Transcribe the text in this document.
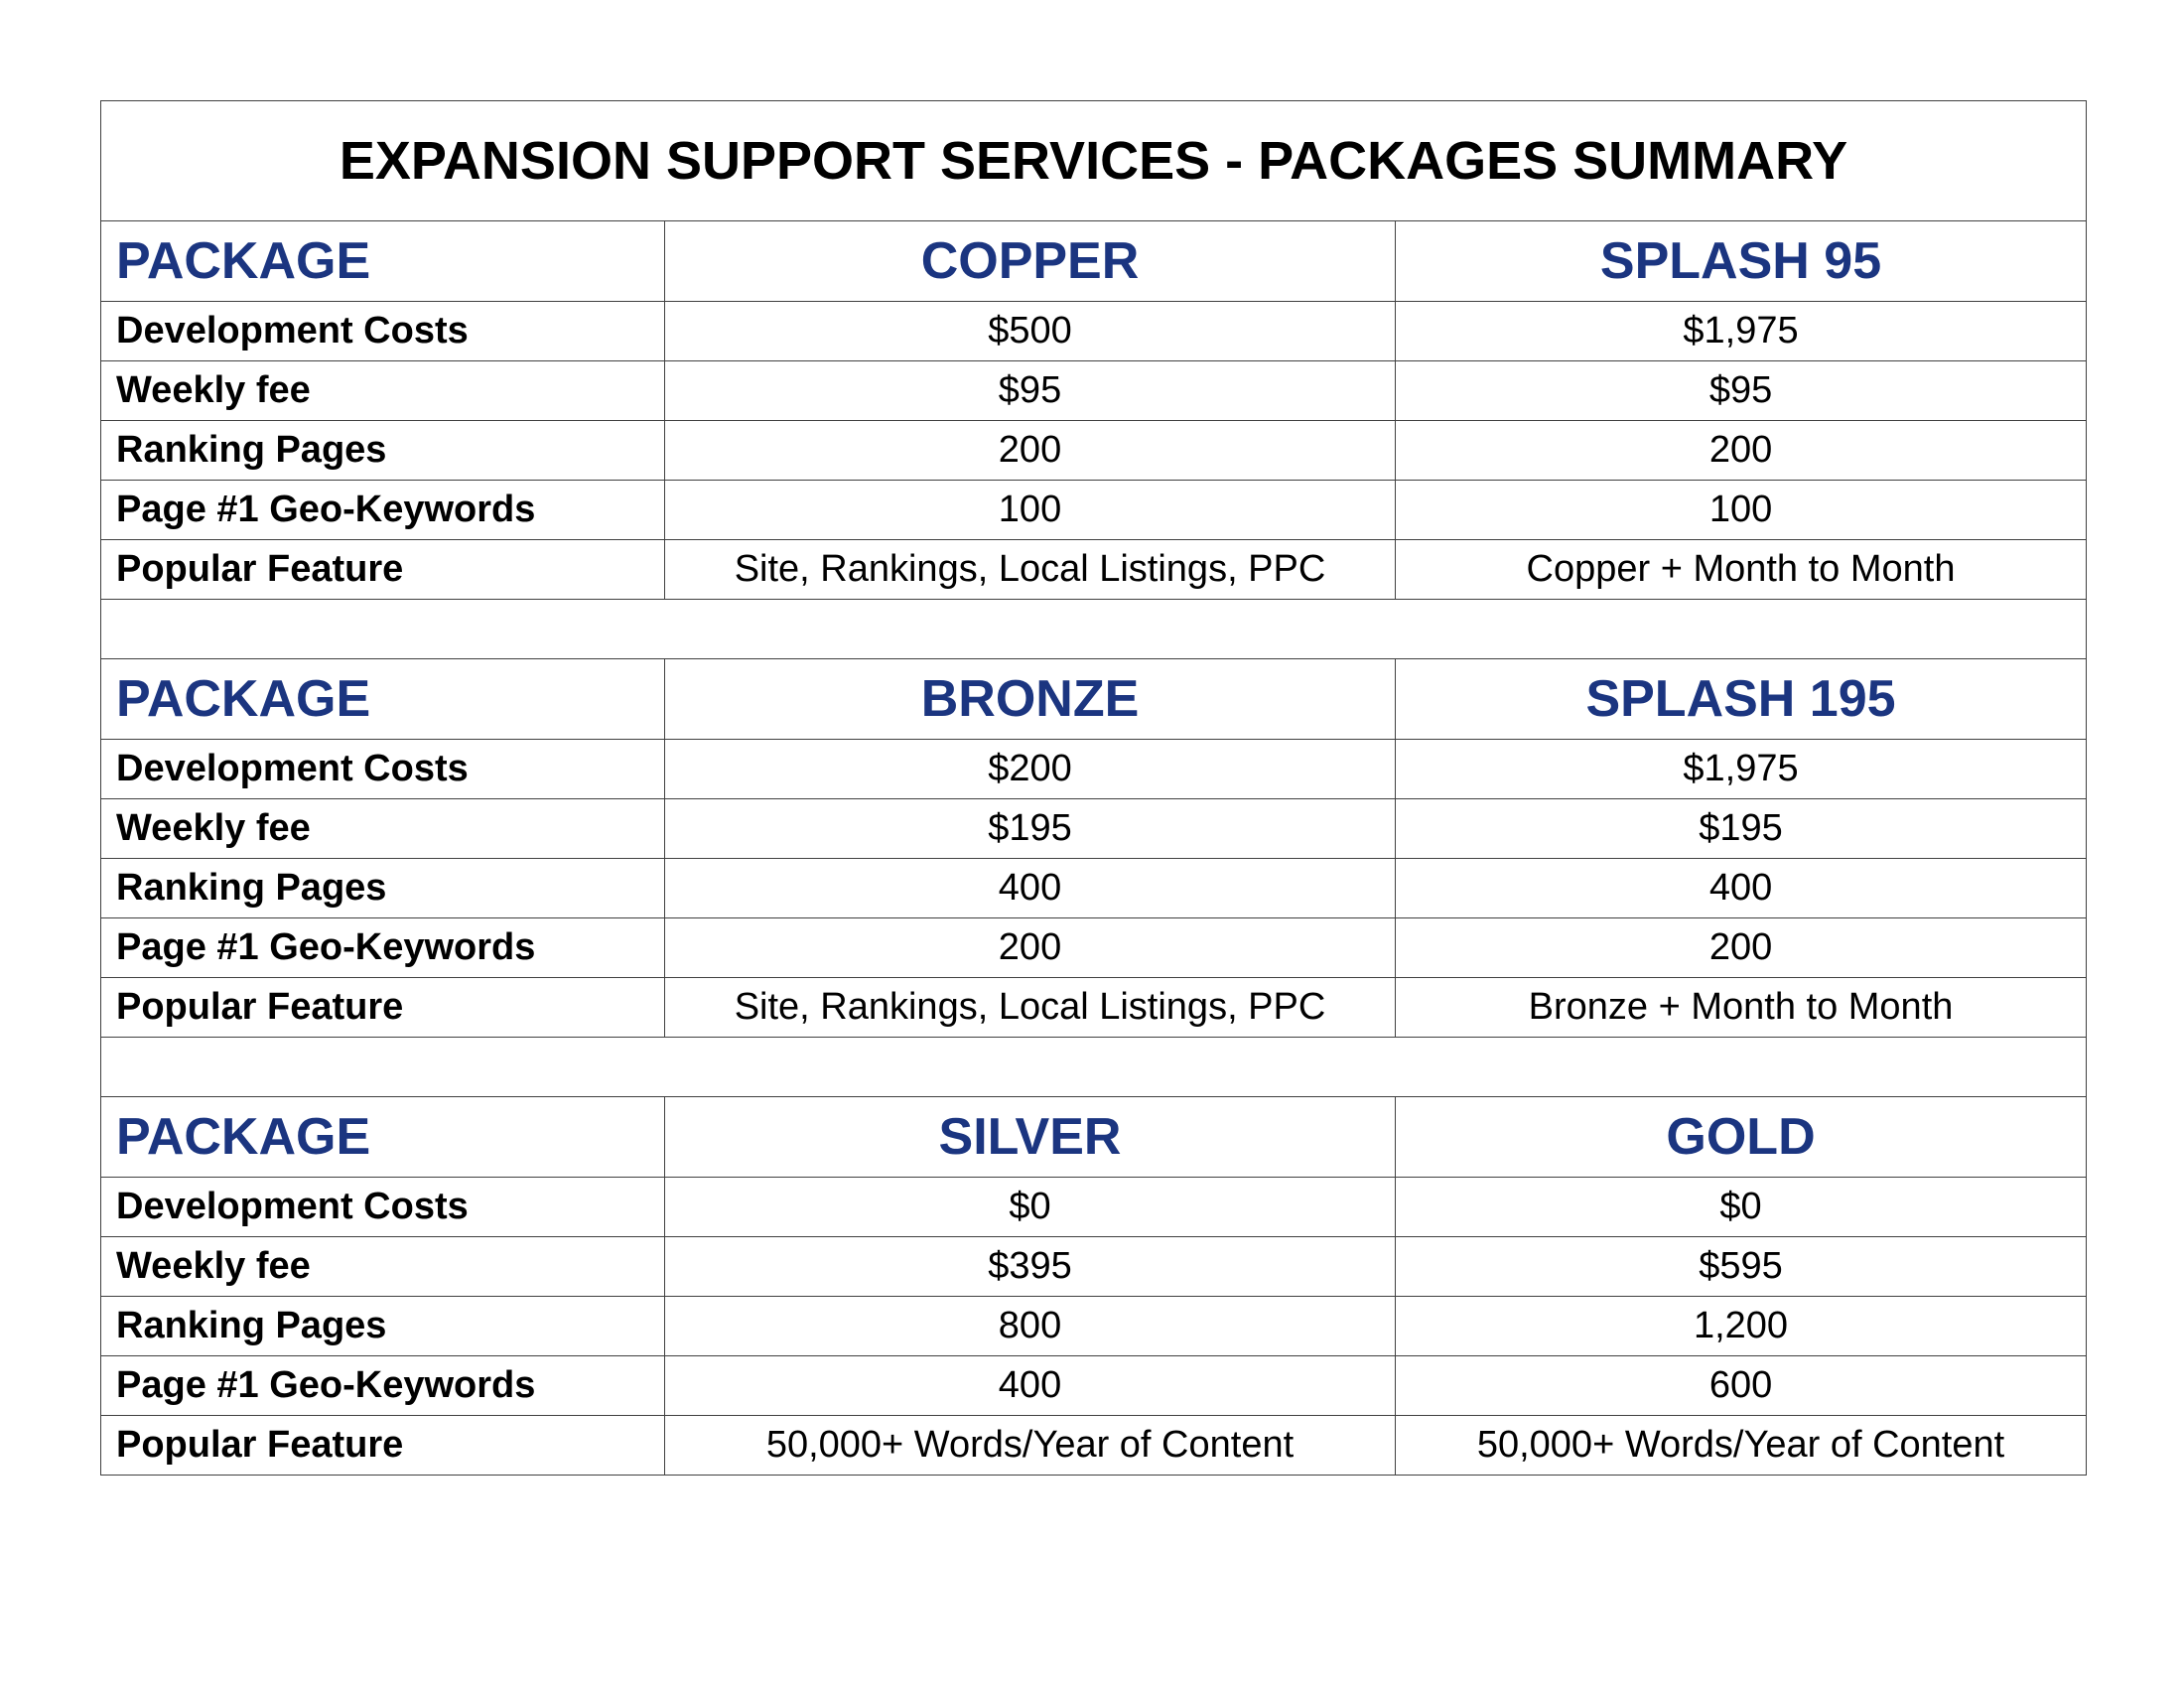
EXPANSION SUPPORT SERVICES - PACKAGES SUMMARY		
PACKAGE	COPPER	SPLASH 95
Development Costs	$500	$1,975
Weekly fee	$95	$95
Ranking Pages	200	200
Page #1 Geo-Keywords	100	100
Popular Feature	Site, Rankings, Local Listings, PPC	Copper + Month to Month

PACKAGE	BRONZE	SPLASH 195
Development Costs	$200	$1,975
Weekly fee	$195	$195
Ranking Pages	400	400
Page #1 Geo-Keywords	200	200
Popular Feature	Site, Rankings, Local Listings, PPC	Bronze + Month to Month

PACKAGE	SILVER	GOLD
Development Costs	$0	$0
Weekly fee	$395	$595
Ranking Pages	800	1,200
Page #1 Geo-Keywords	400	600
Popular Feature	50,000+ Words/Year of Content	50,000+ Words/Year of Content
